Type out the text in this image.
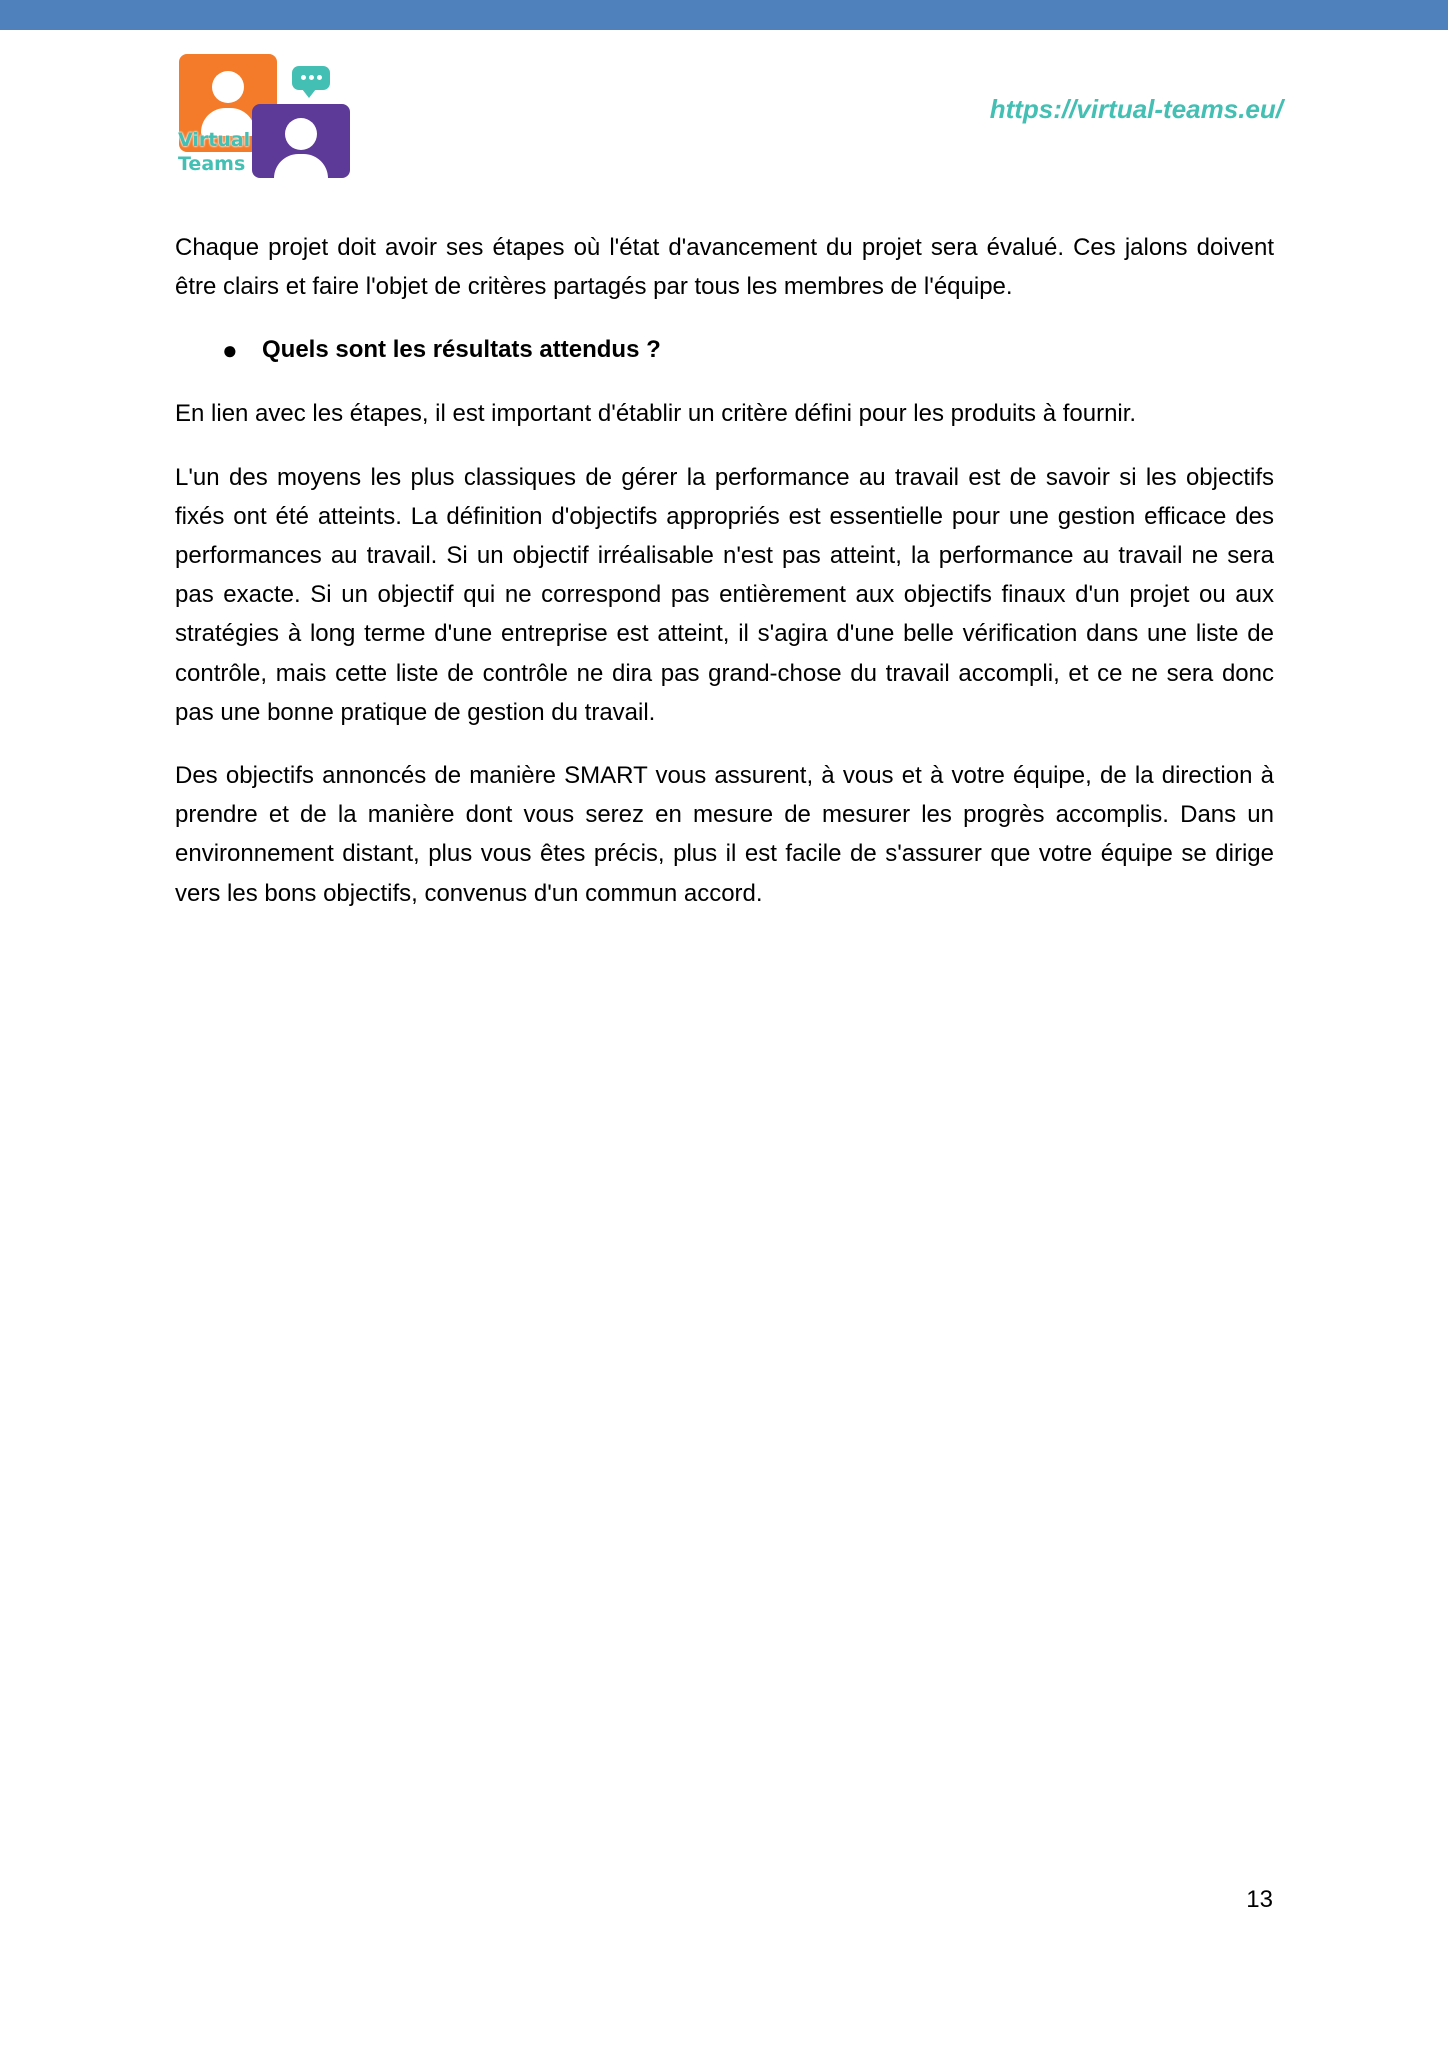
Virtual
Teams
https://virtual-teams.eu/

Chaque projet doit avoir ses étapes où l'état d'avancement du projet sera évalué. Ces jalons doivent être clairs et faire l'objet de critères partagés par tous les membres de l'équipe.

● Quels sont les résultats attendus ?

En lien avec les étapes, il est important d'établir un critère défini pour les produits à fournir.

L'un des moyens les plus classiques de gérer la performance au travail est de savoir si les objectifs fixés ont été atteints. La définition d'objectifs appropriés est essentielle pour une gestion efficace des performances au travail. Si un objectif irréalisable n'est pas atteint, la performance au travail ne sera pas exacte. Si un objectif qui ne correspond pas entièrement aux objectifs finaux d'un projet ou aux stratégies à long terme d'une entreprise est atteint, il s'agira d'une belle vérification dans une liste de contrôle, mais cette liste de contrôle ne dira pas grand-chose du travail accompli, et ce ne sera donc pas une bonne pratique de gestion du travail.

Des objectifs annoncés de manière SMART vous assurent, à vous et à votre équipe, de la direction à prendre et de la manière dont vous serez en mesure de mesurer les progrès accomplis. Dans un environnement distant, plus vous êtes précis, plus il est facile de s'assurer que votre équipe se dirige vers les bons objectifs, convenus d'un commun accord.

13
